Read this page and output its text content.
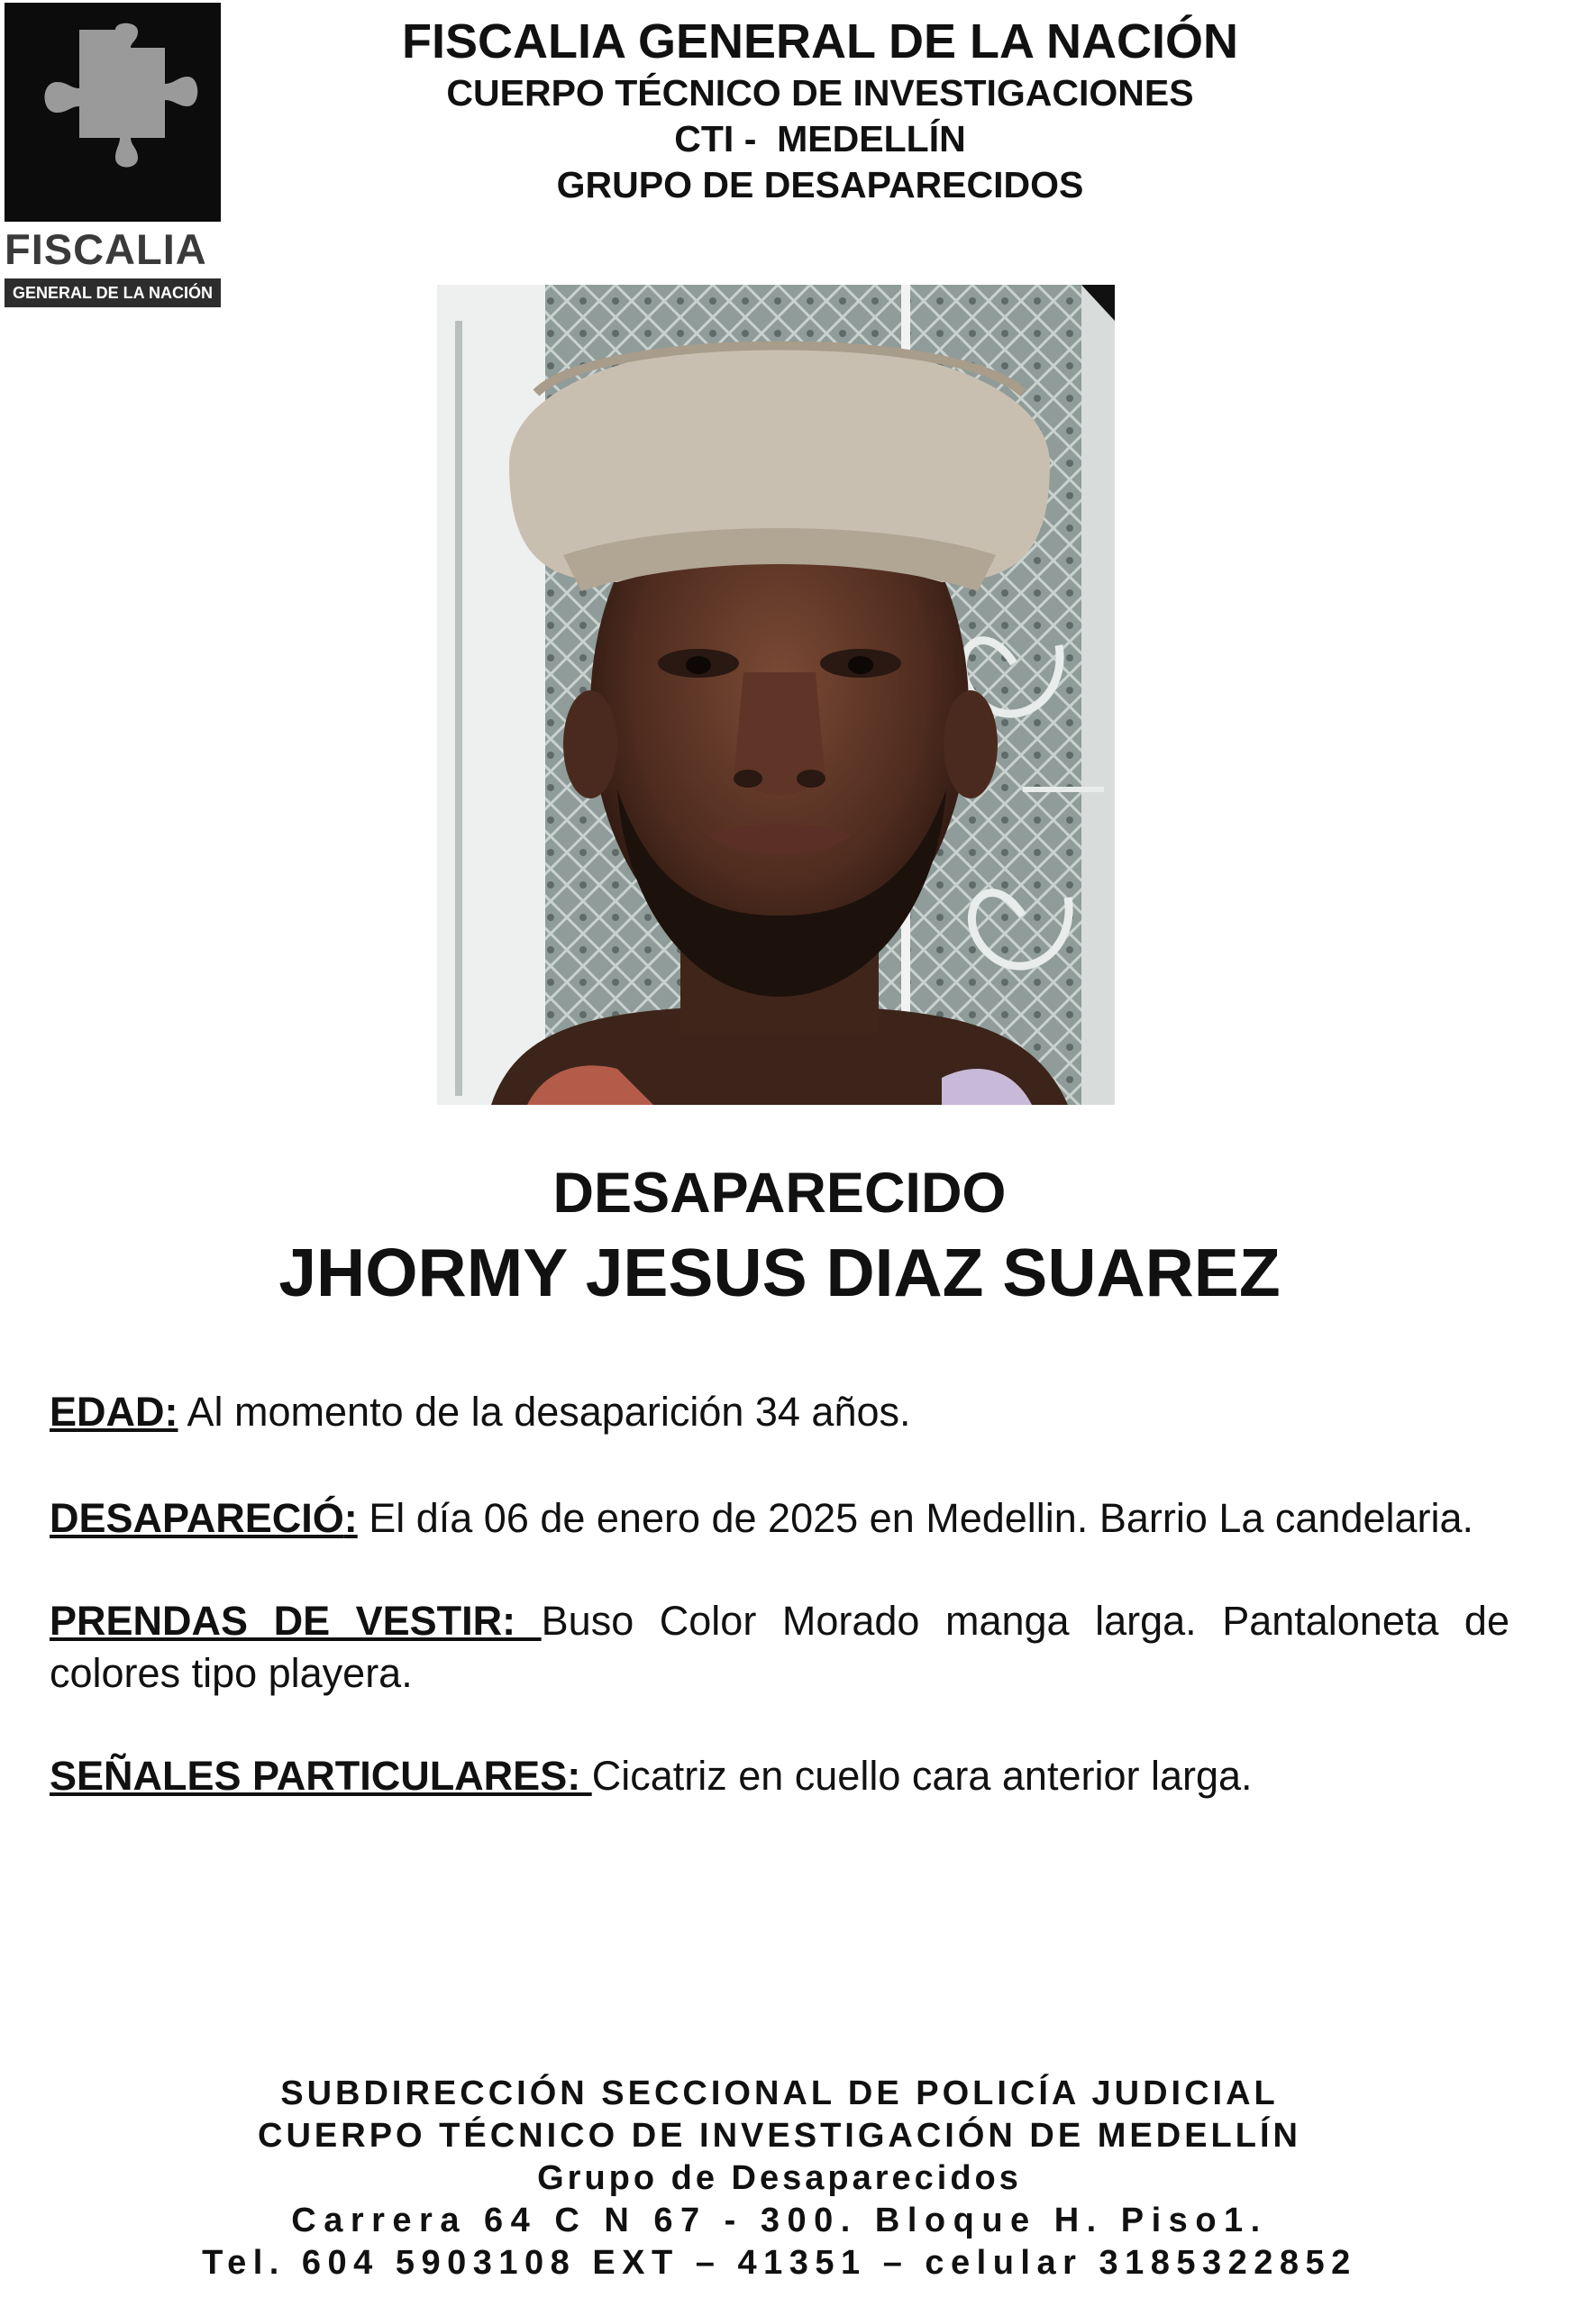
FISCALIA
GENERAL DE LA NACIÓN
FISCALIA GENERAL DE LA NACIÓN
CUERPO TÉCNICO DE INVESTIGACIONES
CTI -  MEDELLÍN
GRUPO DE DESAPARECIDOS
DESAPARECIDO
JHORMY JESUS DIAZ SUAREZ
EDAD: Al momento de la desaparición 34 años.
DESAPARECIÓ: El día 06 de enero de 2025 en Medellin. Barrio La candelaria.
PRENDAS DE VESTIR: Buso Color Morado manga larga. Pantaloneta de colores tipo playera.
SEÑALES PARTICULARES: Cicatriz en cuello cara anterior larga.
SUBDIRECCIÓN SECCIONAL DE POLICÍA JUDICIAL
CUERPO TÉCNICO DE INVESTIGACIÓN DE MEDELLÍN
Grupo de Desaparecidos
Carrera 64 C N 67 - 300. Bloque H. Piso1.
Tel. 604 5903108 EXT – 41351 – celular 3185322852
